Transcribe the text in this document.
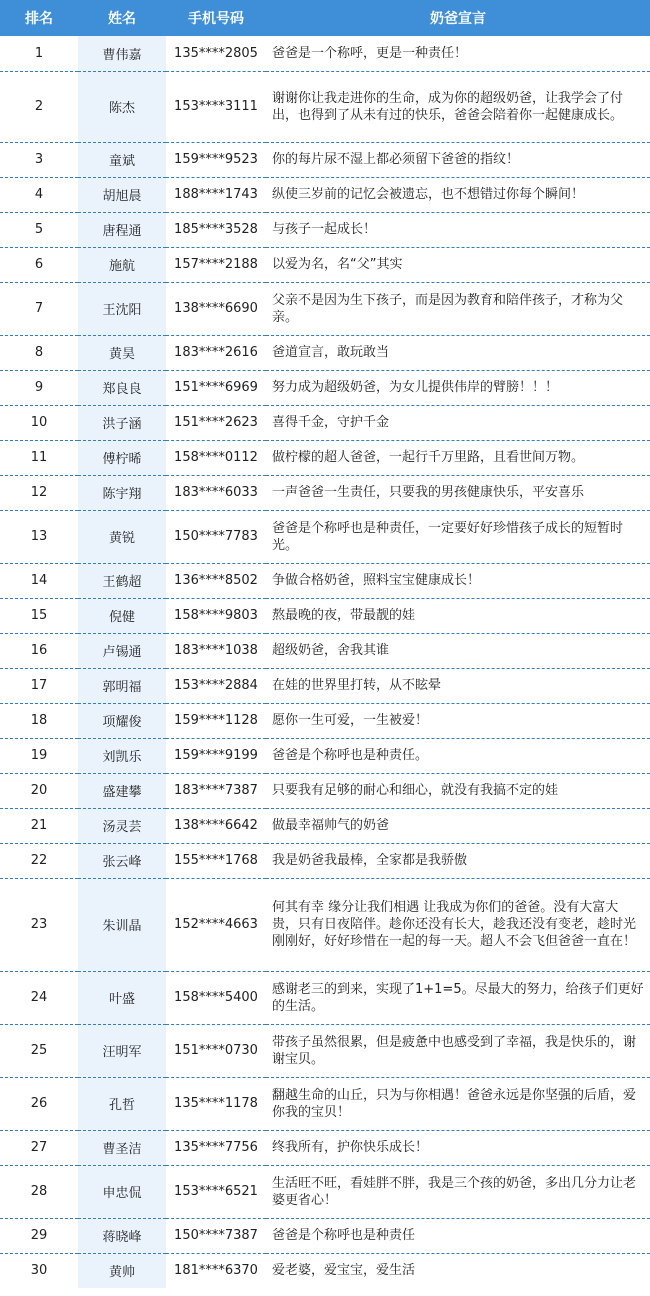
排名	姓名	手机号码	奶爸宣言
1	曹伟嘉	135****2805	爸爸是一个称呼，更是一种责任！
2	陈杰	153****3111	谢谢你让我走进你的生命，成为你的超级奶爸，让我学会了付出，也得到了从未有过的快乐，爸爸会陪着你一起健康成长。
3	童斌	159****9523	你的每片尿不湿上都必须留下爸爸的指纹！
4	胡旭晨	188****1743	纵使三岁前的记忆会被遗忘，也不想错过你每个瞬间！
5	唐程通	185****3528	与孩子一起成长！
6	施航	157****2188	以爱为名，名“父”其实
7	王沈阳	138****6690	父亲不是因为生下孩子，而是因为教育和陪伴孩子，才称为父亲。
8	黄昊	183****2616	爸道宣言，敢玩敢当
9	郑良良	151****6969	努力成为超级奶爸，为女儿提供伟岸的臂膀！！！
10	洪子涵	151****2623	喜得千金，守护千金
11	傅柠晞	158****0112	做柠檬的超人爸爸，一起行千万里路，且看世间万物。
12	陈宇翔	183****6033	一声爸爸一生责任，只要我的男孩健康快乐，平安喜乐
13	黄锐	150****7783	爸爸是个称呼也是种责任，一定要好好珍惜孩子成长的短暂时光。
14	王鹤超	136****8502	争做合格奶爸，照料宝宝健康成长！
15	倪健	158****9803	熬最晚的夜，带最靓的娃
16	卢锡通	183****1038	超级奶爸，舍我其谁
17	郭明福	153****2884	在娃的世界里打转，从不眩晕
18	项耀俊	159****1128	愿你一生可爱，一生被爱！
19	刘凯乐	159****9199	爸爸是个称呼也是种责任。
20	盛建攀	183****7387	只要我有足够的耐心和细心，就没有我搞不定的娃
21	汤灵芸	138****6642	做最幸福帅气的奶爸
22	张云峰	155****1768	我是奶爸我最棒，全家都是我骄傲
23	朱训晶	152****4663	何其有幸 缘分让我们相遇 让我成为你们的爸爸。没有大富大贵，只有日夜陪伴。趁你还没有长大，趁我还没有变老，趁时光刚刚好，好好珍惜在一起的每一天。超人不会飞但爸爸一直在！
24	叶盛	158****5400	感谢老三的到来，实现了1+1=5。尽最大的努力，给孩子们更好的生活。
25	汪明军	151****0730	带孩子虽然很累，但是疲惫中也感受到了幸福，我是快乐的，谢谢宝贝。
26	孔哲	135****1178	翻越生命的山丘，只为与你相遇！爸爸永远是你坚强的后盾，爱你我的宝贝！
27	曹圣洁	135****7756	终我所有，护你快乐成长！
28	申忠侃	153****6521	生活旺不旺，看娃胖不胖，我是三个孩的奶爸，多出几分力让老婆更省心！
29	蒋晓峰	150****7387	爸爸是个称呼也是种责任
30	黄帅	181****6370	爱老婆，爱宝宝，爱生活
